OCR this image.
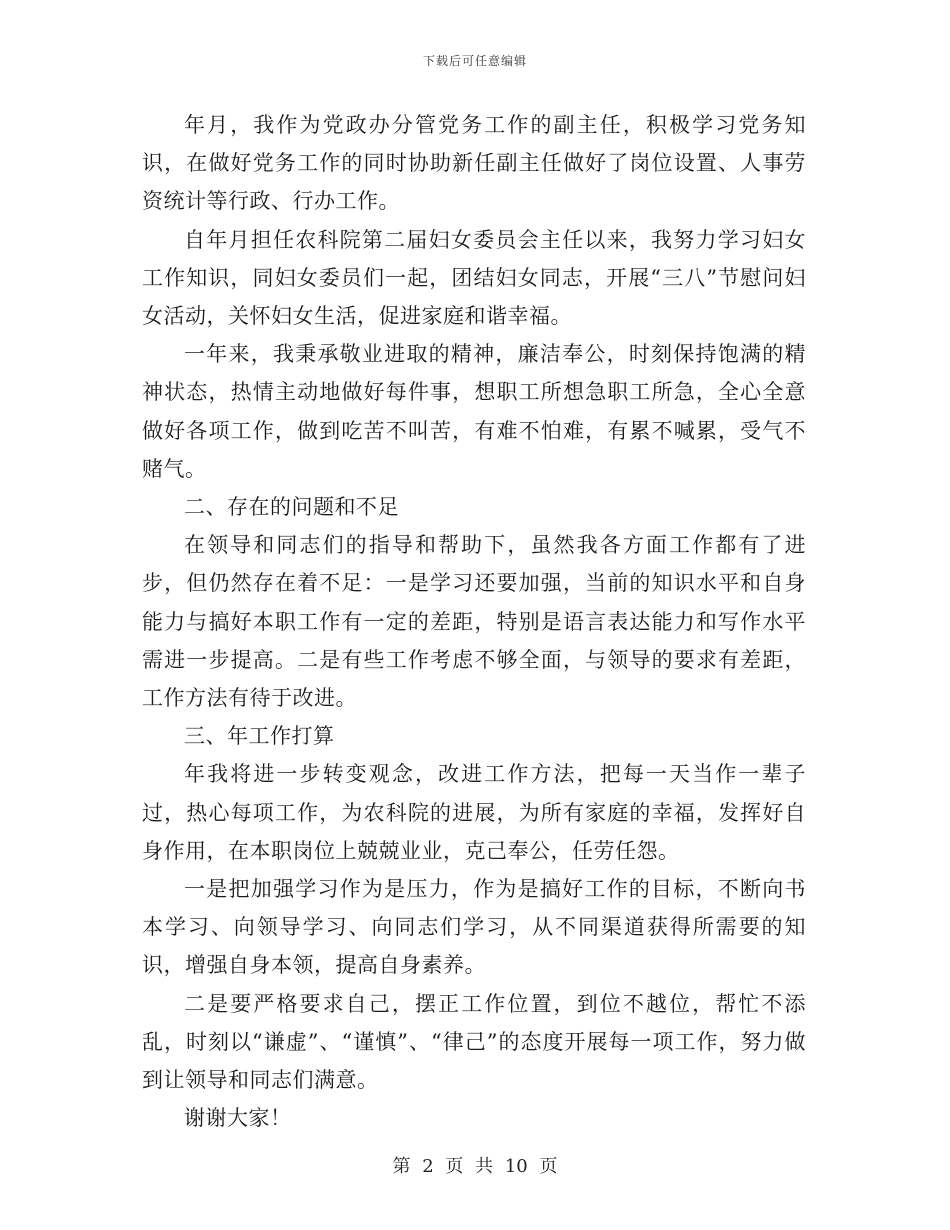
下载后可任意编辑

年月，我作为党政办分管党务工作的副主任，积极学习党务知识，在做好党务工作的同时协助新任副主任做好了岗位设置、人事劳资统计等行政、行办工作。

自年月担任农科院第二届妇女委员会主任以来，我努力学习妇女工作知识，同妇女委员们一起，团结妇女同志，开展“三八”节慰问妇女活动，关怀妇女生活，促进家庭和谐幸福。

一年来，我秉承敬业进取的精神，廉洁奉公，时刻保持饱满的精神状态，热情主动地做好每件事，想职工所想急职工所急，全心全意做好各项工作，做到吃苦不叫苦，有难不怕难，有累不喊累，受气不赌气。

二、存在的问题和不足

在领导和同志们的指导和帮助下，虽然我各方面工作都有了进步，但仍然存在着不足：一是学习还要加强，当前的知识水平和自身能力与搞好本职工作有一定的差距，特别是语言表达能力和写作水平需进一步提高。二是有些工作考虑不够全面，与领导的要求有差距，工作方法有待于改进。

三、年工作打算

年我将进一步转变观念，改进工作方法，把每一天当作一辈子过，热心每项工作，为农科院的进展，为所有家庭的幸福，发挥好自身作用，在本职岗位上兢兢业业，克己奉公，任劳任怨。

一是把加强学习作为是压力，作为是搞好工作的目标，不断向书本学习、向领导学习、向同志们学习，从不同渠道获得所需要的知识，增强自身本领，提高自身素养。

二是要严格要求自己，摆正工作位置，到位不越位，帮忙不添乱，时刻以“谦虚”、“谨慎”、“律己”的态度开展每一项工作，努力做到让领导和同志们满意。

谢谢大家！

第 2 页 共 10 页
